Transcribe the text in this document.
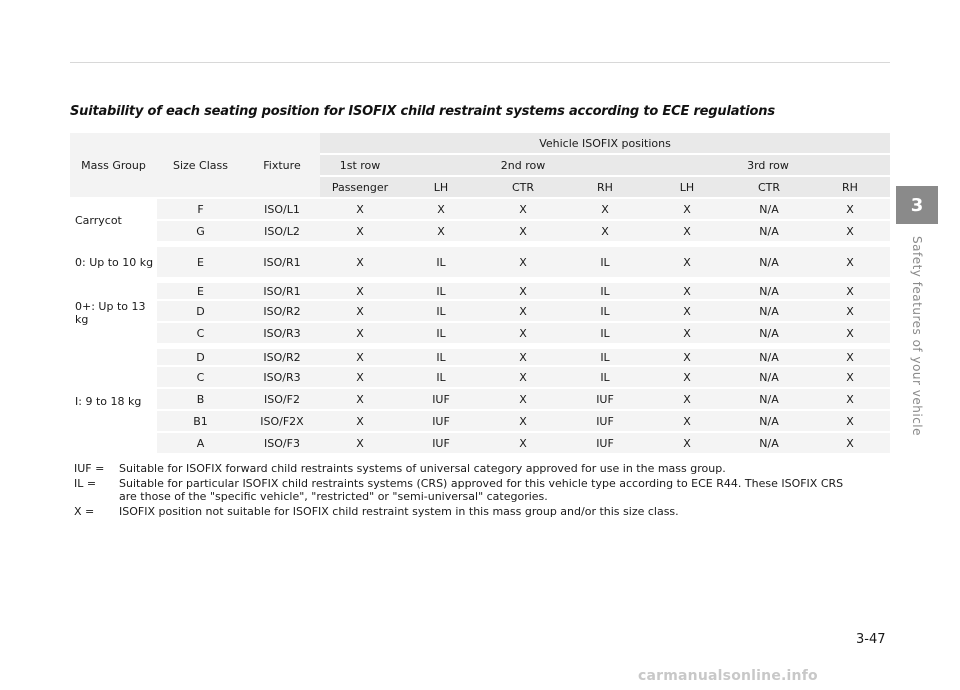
Suitability of each seating position for ISOFIX child restraint systems according to ECE regulations
Mass Group	Size Class	Fixture	Vehicle ISOFIX positions						
			1st row	2nd row			3rd row		
			Passenger	LH	CTR	RH	LH	CTR	RH
Carrycot	F	ISO/L1	X	X	X	X	X	N/A	X
	G	ISO/L2	X	X	X	X	X	N/A	X
0: Up to 10 kg	E	ISO/R1	X	IL	X	IL	X	N/A	X
0+: Up to 13 kg	E	ISO/R1	X	IL	X	IL	X	N/A	X
	D	ISO/R2	X	IL	X	IL	X	N/A	X
	C	ISO/R3	X	IL	X	IL	X	N/A	X
I: 9 to 18 kg	D	ISO/R2	X	IL	X	IL	X	N/A	X
	C	ISO/R3	X	IL	X	IL	X	N/A	X
	B	ISO/F2	X	IUF	X	IUF	X	N/A	X
	B1	ISO/F2X	X	IUF	X	IUF	X	N/A	X
	A	ISO/F3	X	IUF	X	IUF	X	N/A	X
IUF =	Suitable for ISOFIX forward child restraints systems of universal category approved for use in the mass group.
IL =	Suitable for particular ISOFIX child restraints systems (CRS) approved for this vehicle type according to ECE R44. These ISOFIX CRS are those of the "specific vehicle", "restricted" or "semi-universal" categories.
X =	ISOFIX position not suitable for ISOFIX child restraint system in this mass group and/or this size class.
3-47
3
Safety features of your vehicle
carmanualsonline.info
